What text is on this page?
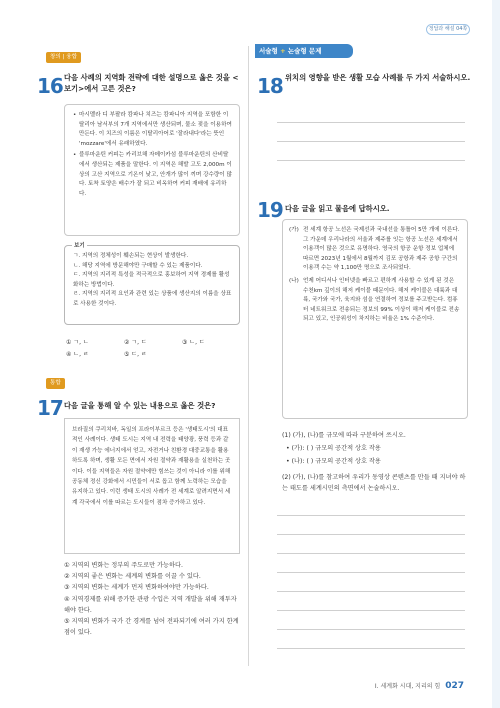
정답과 해설 04쪽
창의 | 융합
16 다음 사례의 지역화 전략에 대한 설명으로 옳은 것을 <보기>에서 고른 것은?
• 마시멜라 디 부팔라 캄파나 치즈는 캄파니아 지역을 포함한 이탈리아 남서부의 7개 지역에서만 생산되며, 물소 젖을 이용하여 만든다. 이 치즈의 이름은 이탈리아어로 '잘라내다'라는 뜻인 'mozzare'에서 유래하였다.
• 블루마운틴 커피는 카리브해 자메이카섬 블루마운틴의 산비탈에서 생산되는 제품을 말한다. 이 지역은 해발 고도 2,000m 이상의 고산 지역으로 기온이 낮고, 안개가 많이 끼며 강수량이 많다. 토착 토양은 배수가 잘 되고 비옥하여 커피 재배에 유리하다.
ㄱ. 지역의 정체성이 훼손되는 현상이 발생한다.
ㄴ. 해당 지역에 방문해야만 구매할 수 있는 제품이다.
ㄷ. 지역의 지리적 특성을 적극적으로 홍보하여 지역 경제를 활성화하는 방법이다.
ㄹ. 지역의 지리적 요인과 관련 있는 상품에 생산지의 이름을 상표로 사용한 것이다.
보기
① ㄱ, ㄴ	② ㄱ, ㄷ	③ ㄴ, ㄷ
④ ㄴ, ㄹ	⑤ ㄷ, ㄹ
통합
17 다음 글을 통해 알 수 있는 내용으로 옳은 것은?
브라질의 쿠리치바, 독일의 프라이부르크 등은 '생태도시'의 대표적인 사례이다. 생태 도시는 지역 내 전력을 태양광, 풍력 등과 같이 재생 가능 에너지에서 얻고, 자전거나 친환경 대중교통을 활용하도록 하며, 생활 모든 면에서 자원 절약과 재활용을 실천하는 곳이다. 이들 지역들은 자원 절약에만 힘쓰는 것이 아니라 이를 위해 공동체 정신 강화에서 시민들이 서로 돕고 함께 노력하는 모습을 유지하고 있다. 이런 생태 도시의 사례가 전 세계로 알려지면서 세계 각국에서 이를 따르는 도시들이 점차 증가하고 있다.
① 지역의 변화는 정부의 주도로만 가능하다.
② 지역의 좋은 변화는 세계의 변화를 이끌 수 있다.
③ 지역의 변화는 세계가 먼저 변화하여야만 가능하다.
④ 지역경제를 위해 증가한 관광 수입은 지역 개발을 위해 재투자해야 한다.
⑤ 지역의 변화가 국가 간 경계를 넘어 전파되기에 여러 가지 한계점이 있다.
서술형 + 논술형 문제
18 위치의 영향을 받은 생활 모습 사례를 두 가지 서술하시오.
19 다음 글을 읽고 물음에 답하시오.
(가) 전 세계 항공 노선은 국제선과 국내선을 통틀어 5만 개에 이른다. 그 가운데 우리나라의 서울과 제주를 잇는 항공 노선은 세계에서 이용객이 많은 것으로 유명하다. 영국의 항공 운항 정보 업체에 따르면 2023년 1월에서 8월까지 김포 공항과 제주 공항 구간의 이용객 수는 약 1,100만 명으로 조사되었다.
(나) 언제 어디서나 인터넷을 빠르고 편하게 사용할 수 있게 된 것은 수천km 깊이의 해저 케이블 때문이다. 해저 케이블은 대륙과 대륙, 국가와 국가, 육지와 섬을 연결하여 정보를 주고받는다. 컴퓨터 네트워크로 전송되는 정보의 99% 이상이 해저 케이블로 전송되고 있고, 인공위성이 차지하는 비율은 1% 수준이다.
(1) (가), (나)를 규모에 따라 구분하여 쓰시오.
• (가): ( ) 규모의 공간적 상호 작용
• (나): ( ) 규모의 공간적 상호 작용
(2) (가), (나)를 참고하여 우리가 동영상 콘텐츠를 만들 때 지녀야 하는 태도를 세계시민의 측면에서 논술하시오.
Ⅰ. 세계화 시대, 지리의 힘 027
